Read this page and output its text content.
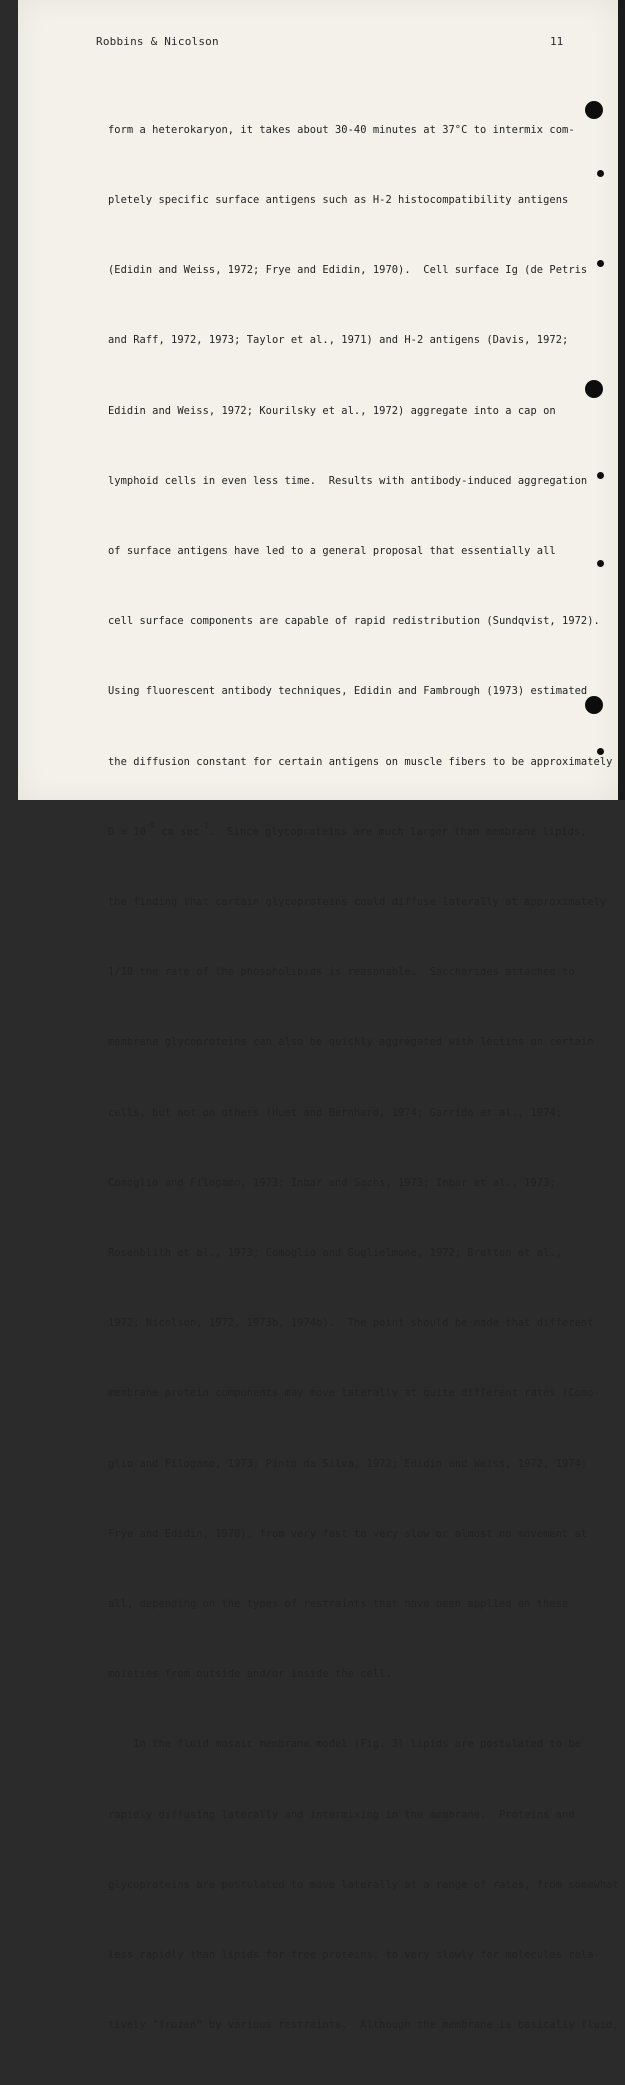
Robbins & Nicolson	11

form a heterokaryon, it takes about 30-40 minutes at 37°C to intermix com-

pletely specific surface antigens such as H-2 histocompatibility antigens

(Edidin and Weiss, 1972; Frye and Edidin, 1970).  Cell surface Ig (de Petris

and Raff, 1972, 1973; Taylor et al., 1971) and H-2 antigens (Davis, 1972;

Edidin and Weiss, 1972; Kourilsky et al., 1972) aggregate into a cap on

lymphoid cells in even less time.  Results with antibody-induced aggregation

of surface antigens have led to a general proposal that essentially all

cell surface components are capable of rapid redistribution (Sundqvist, 1972).

Using fluorescent antibody techniques, Edidin and Fambrough (1973) estimated

the diffusion constant for certain antigens on muscle fibers to be approximately

D ≅ $10^{-9}$ cm $\sec^{-1}$.  Since glycoproteins are much larger than membrane lipids,

the finding that certain glycoproteins could diffuse laterally at approximately

1/10 the rate of the phospholipids is reasonable.  Saccharides attached to

membrane glycoproteins can also be quickly aggregated with lectins on certain

cells, but not on others (Huet and Bernhard, 1974; Garrido et al., 1974;

Comoglio and Filogamo, 1973; Inbar and Sachs, 1973; Inbar et al., 1973;

Rosenblith et al., 1973; Comoglio and Guglielmone, 1972; Bretton et al.,

1972; Nicolson, 1972, 1973b, 1974b).  The point should be made that different

membrane protein components may move laterally at quite different rates (Como-

glio and Filogamo, 1973; Pinto da Silva, 1972; Edidin and Weiss, 1972, 1974;

Frye and Edidin, 1970), from very fast to very slow or almost no movement at

all, depending on the types of restraints that have been applied on these

moieties from outside and/or inside the cell.

In the fluid mosaic membrane model (Fig. 3) lipids are postulated to be

rapidly diffusing laterally and intermixing in the membrane.  Proteins and

glycoproteins are postulated to move laterally at a range of rates, from somewhat

less rapidly than lipids for free proteins, to very slowly for molecules rela-

tively "frozen" by various restraints.  Although the membrane is basically fluid,
